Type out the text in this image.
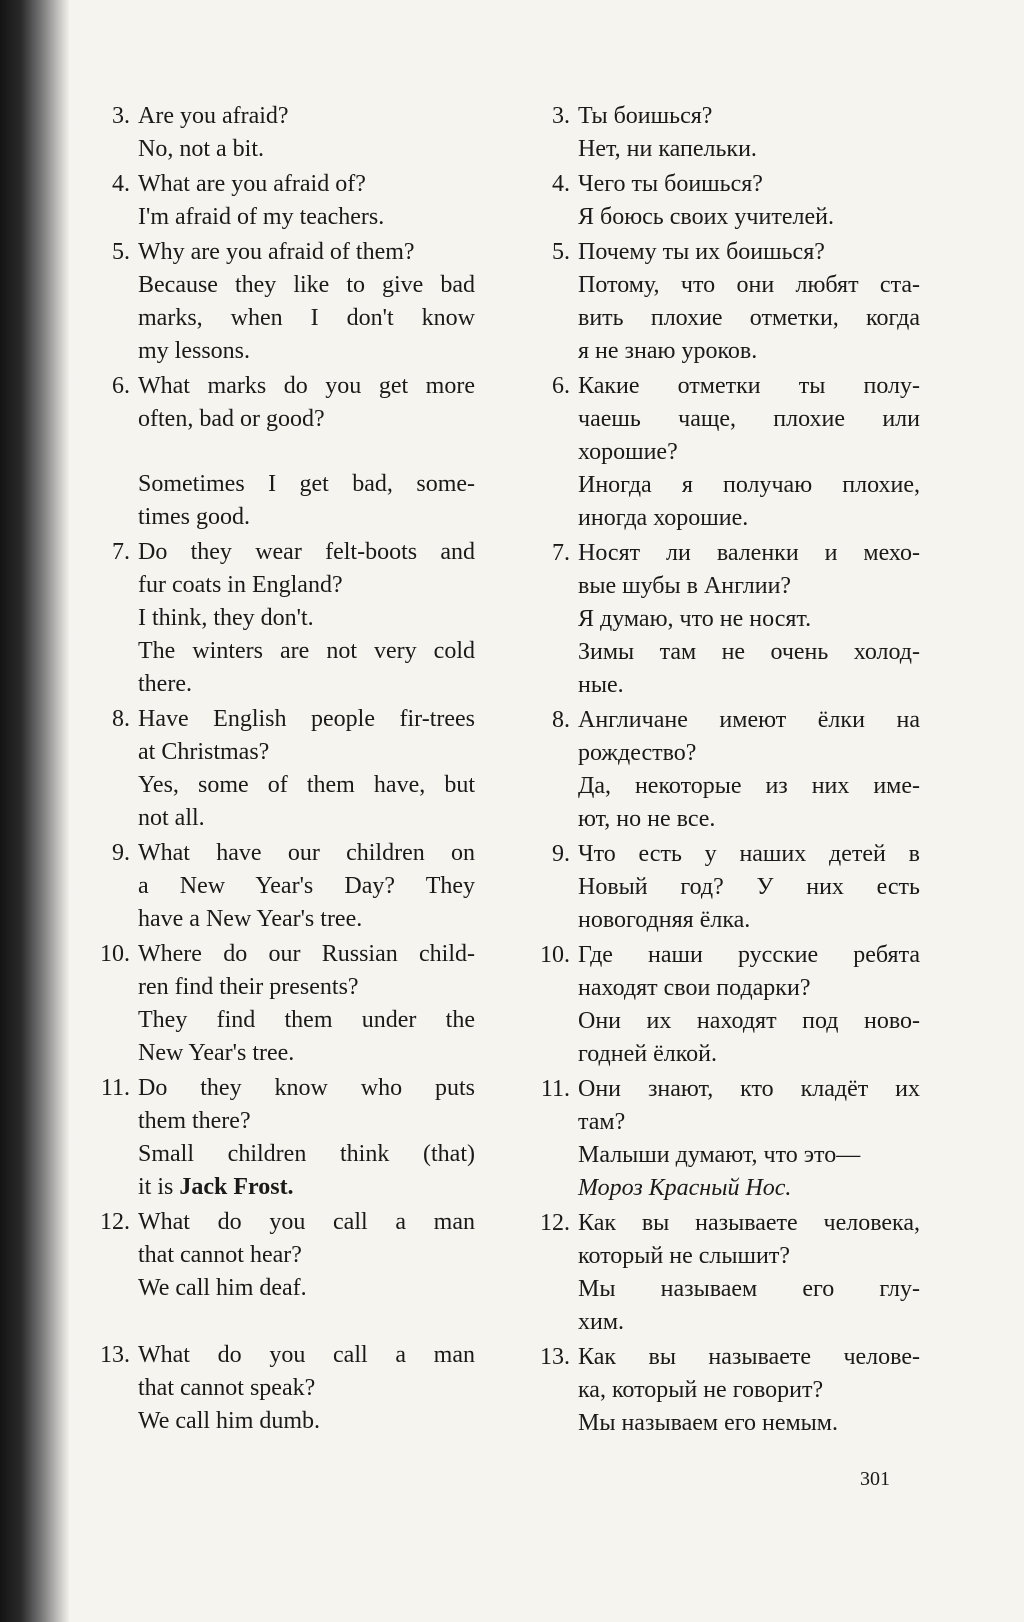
3. Are you afraid?
No, not a bit.
4. What are you afraid of?
I'm afraid of my teachers.
5. Why are you afraid of them?
Because they like to give bad
marks, when I don't know
my lessons.
6. What marks do you get more
often, bad or good?
Sometimes I get bad, some-
times good.
7. Do they wear felt-boots and
fur coats in England?
I think, they don't.
The winters are not very cold
there.
8. Have English people fir-trees
at Christmas?
Yes, some of them have, but
not all.
9. What have our children on
a New Year's Day? They
have a New Year's tree.
10. Where do our Russian child-
ren find their presents?
They find them under the
New Year's tree.
11. Do they know who puts
them there?
Small children think (that)
it is Jack Frost.
12. What do you call a man
that cannot hear?
We call him deaf.
13. What do you call a man
that cannot speak?
We call him dumb.
3. Ты боишься?
Нет, ни капельки.
4. Чего ты боишься?
Я боюсь своих учителей.
5. Почему ты их боишься?
Потому, что они любят ста-
вить плохие отметки, когда
я не знаю уроков.
6. Какие отметки ты полу-
чаешь чаще, плохие или
хорошие?
Иногда я получаю плохие,
иногда хорошие.
7. Носят ли валенки и мехо-
вые шубы в Англии?
Я думаю, что не носят.
Зимы там не очень холод-
ные.
8. Англичане имеют ёлки на
рождество?
Да, некоторые из них име-
ют, но не все.
9. Что есть у наших детей в
Новый год? У них есть
новогодняя ёлка.
10. Где наши русские ребята
находят свои подарки?
Они их находят под ново-
годней ёлкой.
11. Они знают, кто кладёт их
там?
Малыши думают, что это—
Мороз Красный Нос.
12. Как вы называете человека,
который не слышит?
Мы называем его глу-
хим.
13. Как вы называете челове-
ка, который не говорит?
Мы называем его немым.
301
